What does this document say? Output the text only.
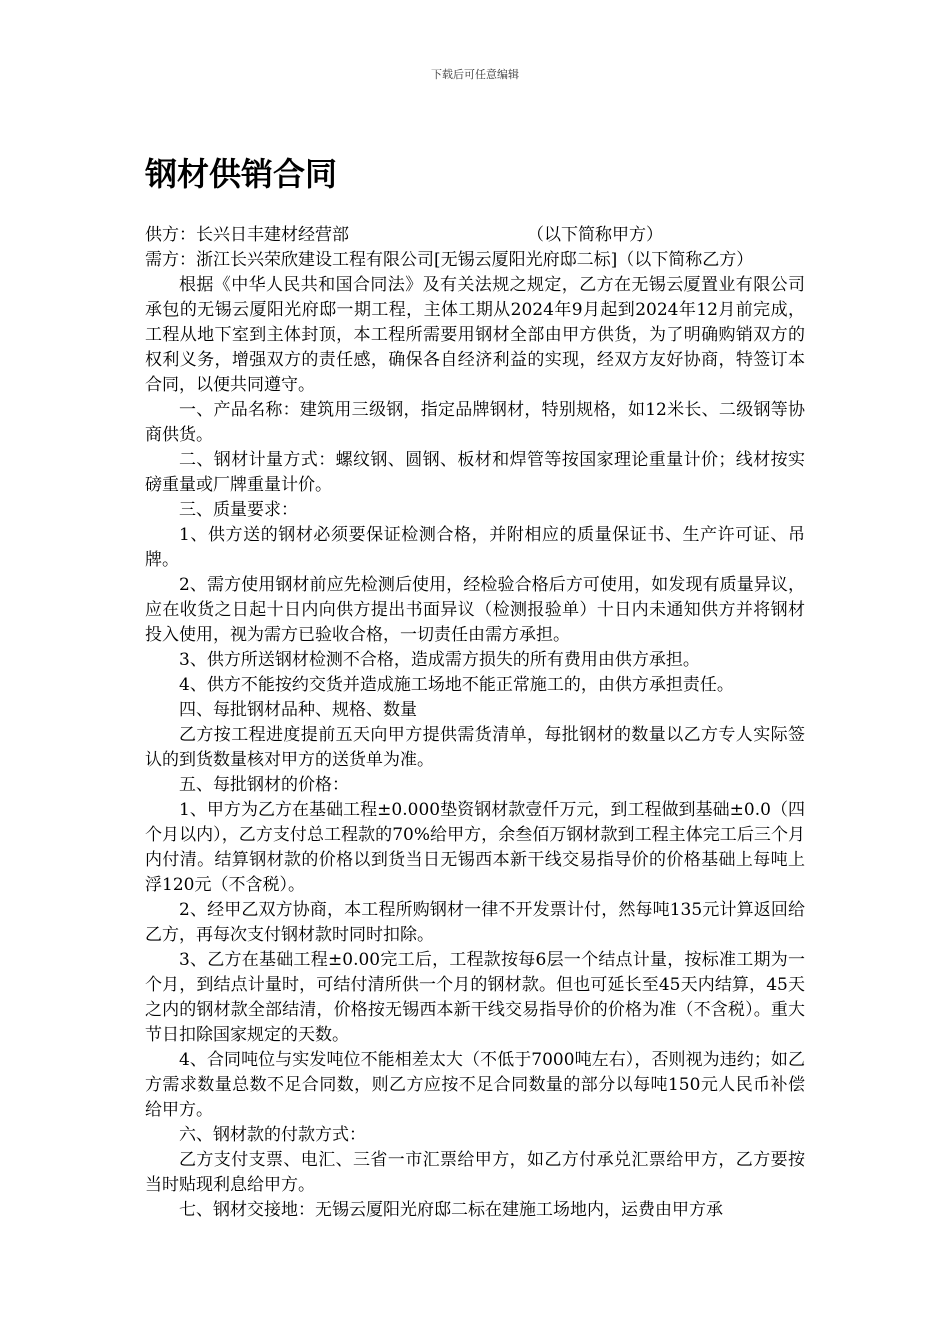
下载后可任意编辑
钢材供销合同
供方：长兴日丰建材经营部	（以下简称甲方）

需方：浙江长兴荣欣建设工程有限公司[无锡云厦阳光府邸二标]（以下简称乙方）

根据《中华人民共和国合同法》及有关法规之规定，乙方在无锡云厦置业有限公司承包的无锡云厦阳光府邸一期工程，主体工期从2024年9月起到2024年12月前完成，工程从地下室到主体封顶，本工程所需要用钢材全部由甲方供货，为了明确购销双方的权利义务，增强双方的责任感，确保各自经济利益的实现，经双方友好协商，特签订本合同，以便共同遵守。

一、产品名称：建筑用三级钢，指定品牌钢材，特别规格，如12米长、二级钢等协商供货。

二、钢材计量方式：螺纹钢、圆钢、板材和焊管等按国家理论重量计价；线材按实磅重量或厂牌重量计价。

三、质量要求：

1、供方送的钢材必须要保证检测合格，并附相应的质量保证书、生产许可证、吊牌。

2、需方使用钢材前应先检测后使用，经检验合格后方可使用，如发现有质量异议，应在收货之日起十日内向供方提出书面异议（检测报验单）十日内未通知供方并将钢材投入使用，视为需方已验收合格，一切责任由需方承担。

3、供方所送钢材检测不合格，造成需方损失的所有费用由供方承担。

4、供方不能按约交货并造成施工场地不能正常施工的，由供方承担责任。

四、每批钢材品种、规格、数量

乙方按工程进度提前五天向甲方提供需货清单，每批钢材的数量以乙方专人实际签认的到货数量核对甲方的送货单为准。

五、每批钢材的价格：

1、甲方为乙方在基础工程±0.000垫资钢材款壹仟万元，到工程做到基础±0.0（四个月以内），乙方支付总工程款的70%给甲方，余叁佰万钢材款到工程主体完工后三个月内付清。结算钢材款的价格以到货当日无锡西本新干线交易指导价的价格基础上每吨上浮120元（不含税）。

2、经甲乙双方协商，本工程所购钢材一律不开发票计付，然每吨135元计算返回给乙方，再每次支付钢材款时同时扣除。

3、乙方在基础工程±0.00完工后，工程款按每6层一个结点计量，按标准工期为一个月，到结点计量时，可结付清所供一个月的钢材款。但也可延长至45天内结算，45天之内的钢材款全部结清，价格按无锡西本新干线交易指导价的价格为准（不含税）。重大节日扣除国家规定的天数。

4、合同吨位与实发吨位不能相差太大（不低于7000吨左右），否则视为违约；如乙方需求数量总数不足合同数，则乙方应按不足合同数量的部分以每吨150元人民币补偿给甲方。

六、钢材款的付款方式：

乙方支付支票、电汇、三省一市汇票给甲方，如乙方付承兑汇票给甲方，乙方要按当时贴现利息给甲方。

七、钢材交接地：无锡云厦阳光府邸二标在建施工场地内，运费由甲方承
